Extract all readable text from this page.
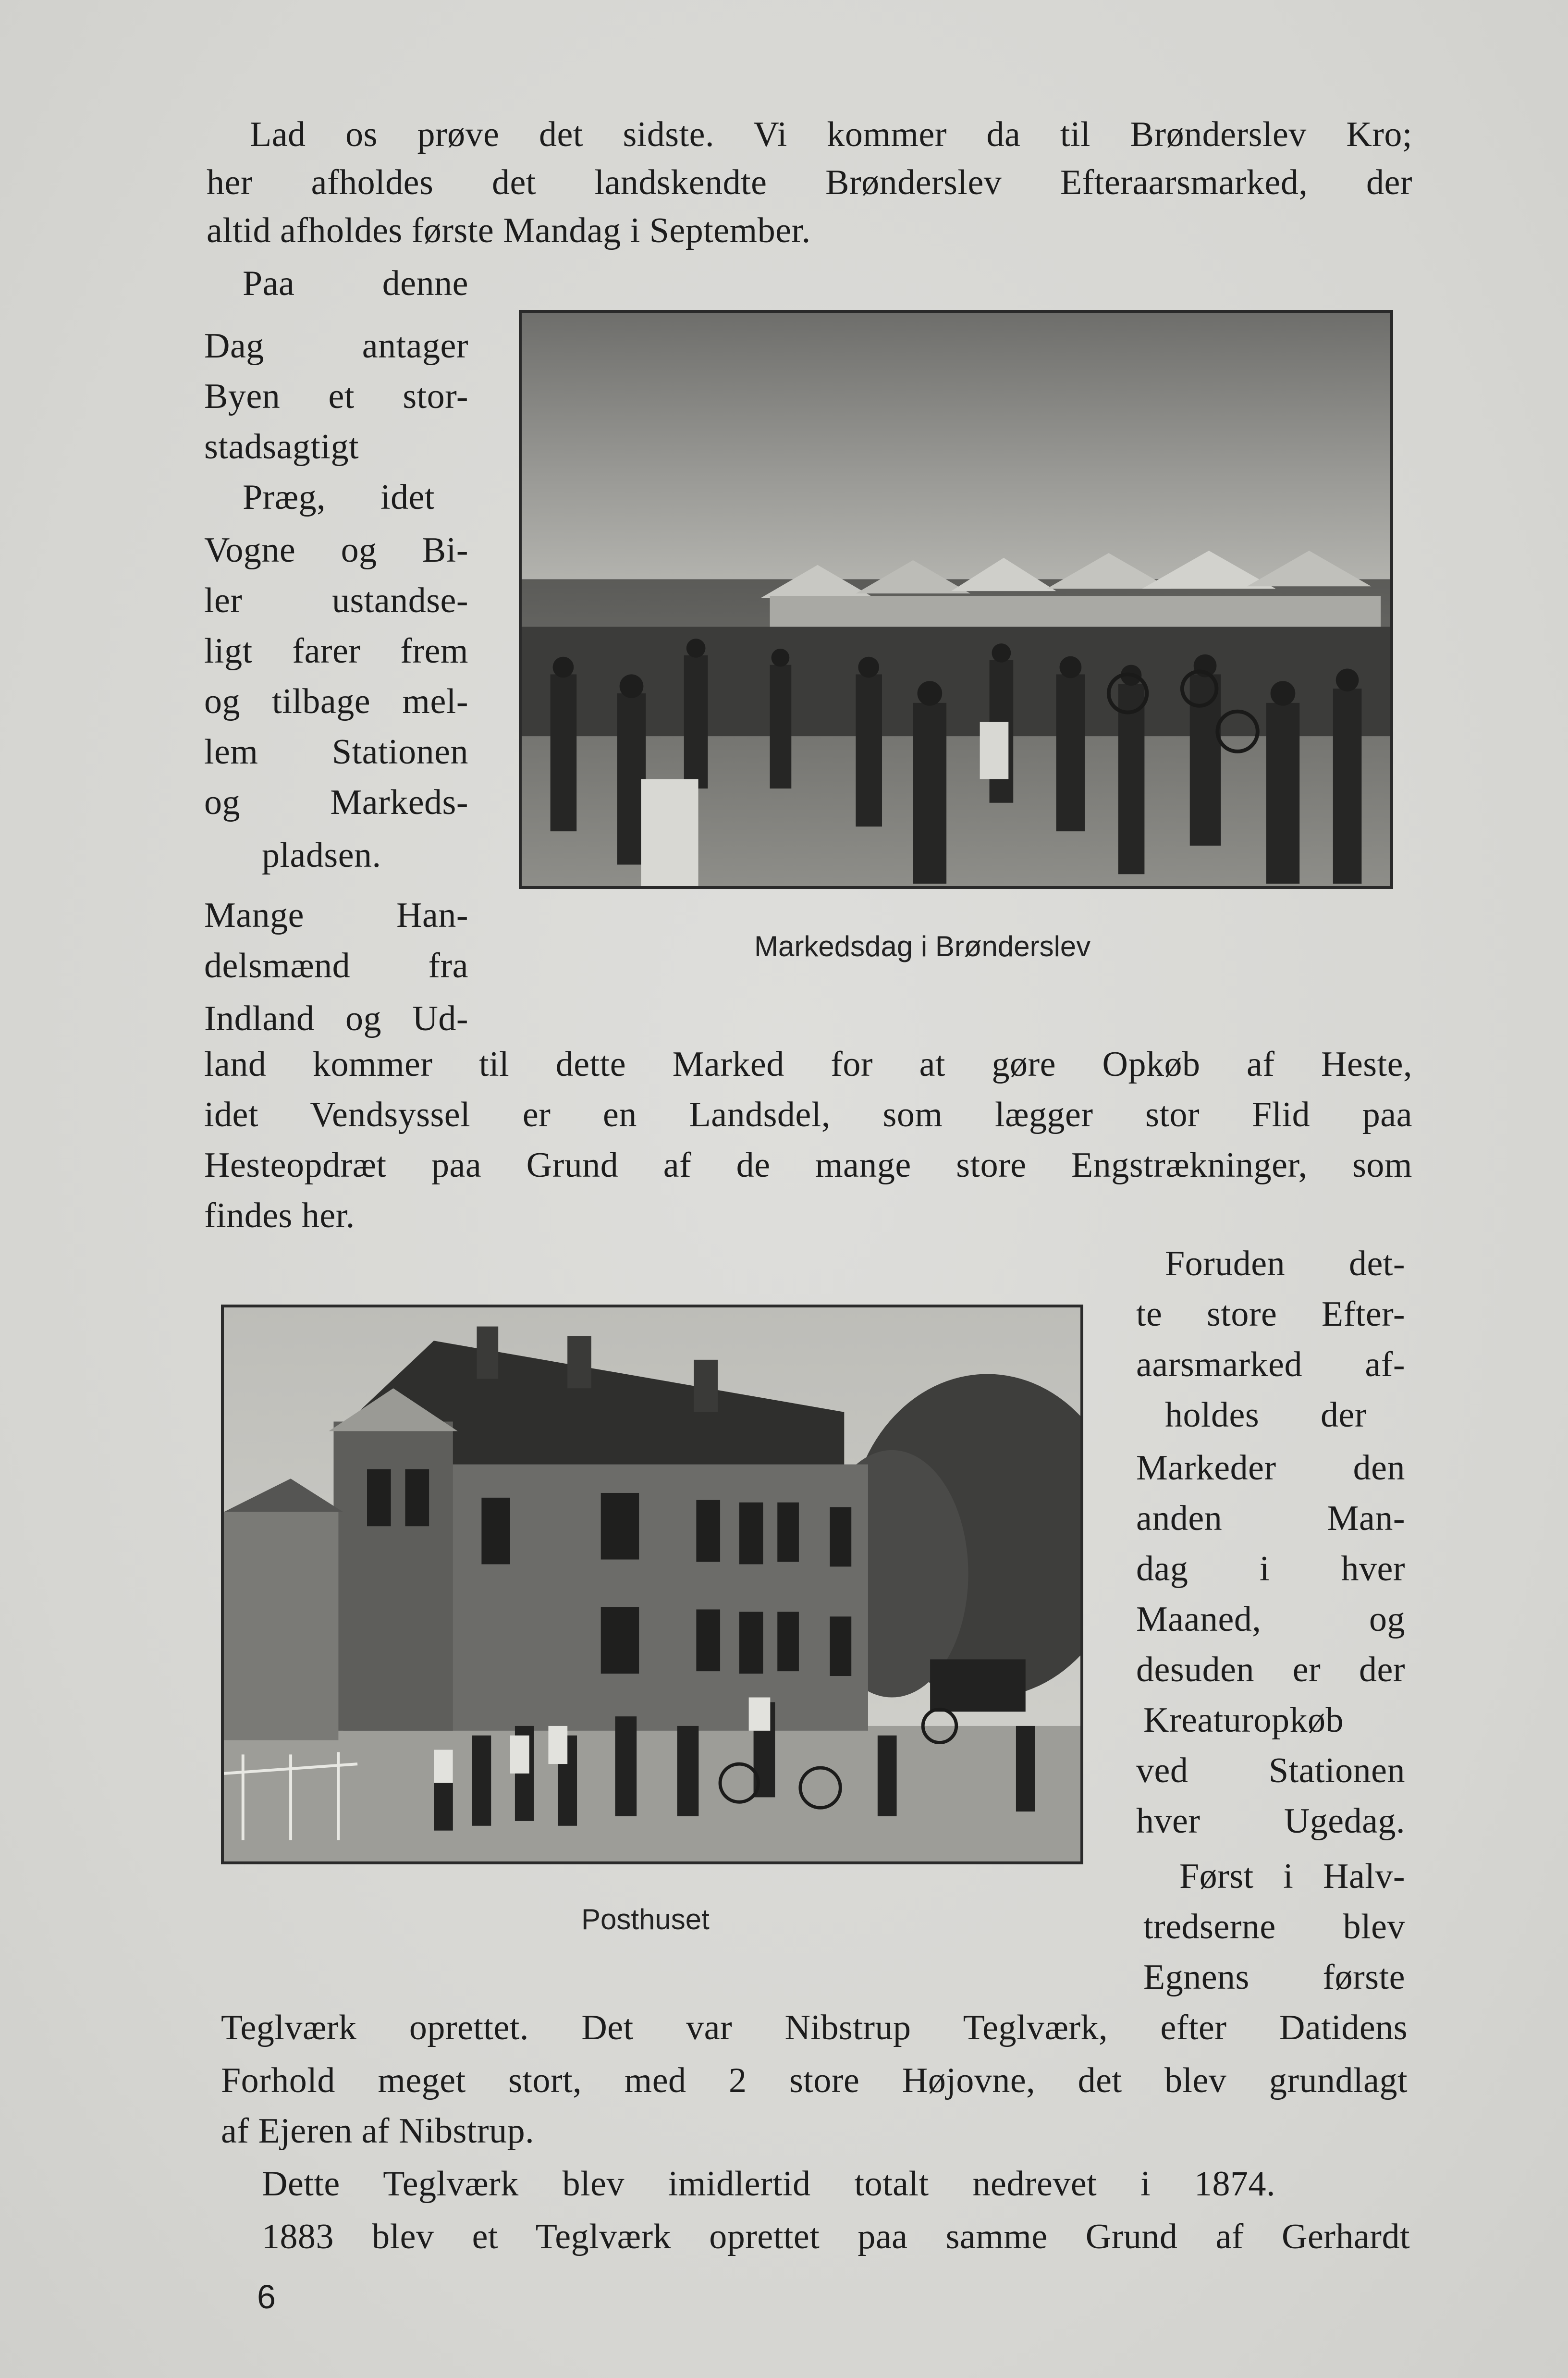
Lad os prøve det sidste. Vi kommer da til Brønderslev Kro;
her afholdes det landskendte Brønderslev Efteraarsmarked, der
altid afholdes første Mandag i September.
Paa denne
Dag antager
Byen et stor-
stadsagtigt
Præg, idet
Vogne og Bi-
ler ustandse-
ligt farer frem
og tilbage mel-
lem Stationen
og Markeds-
pladsen.
Mange Han-
delsmænd fra
Indland og Ud-
Markedsdag i Brønderslev
land kommer til dette Marked for at gøre Opkøb af Heste,
idet Vendsyssel er en Landsdel, som lægger stor Flid paa
Hesteopdræt paa Grund af de mange store Engstrækninger, som
findes her.
Foruden det-
te store Efter-
aarsmarked af-
holdes der
Markeder den
anden Man-
dag i hver
Maaned, og
desuden er der
Kreaturopkøb
ved Stationen
hver Ugedag.
Først i Halv-
tredserne blev
Egnens første
Posthuset
Teglværk oprettet. Det var Nibstrup Teglværk, efter Datidens
Forhold meget stort, med 2 store Højovne, det blev grundlagt
af Ejeren af Nibstrup.
Dette Teglværk blev imidlertid totalt nedrevet i 1874.
1883 blev et Teglværk oprettet paa samme Grund af Gerhardt
6
